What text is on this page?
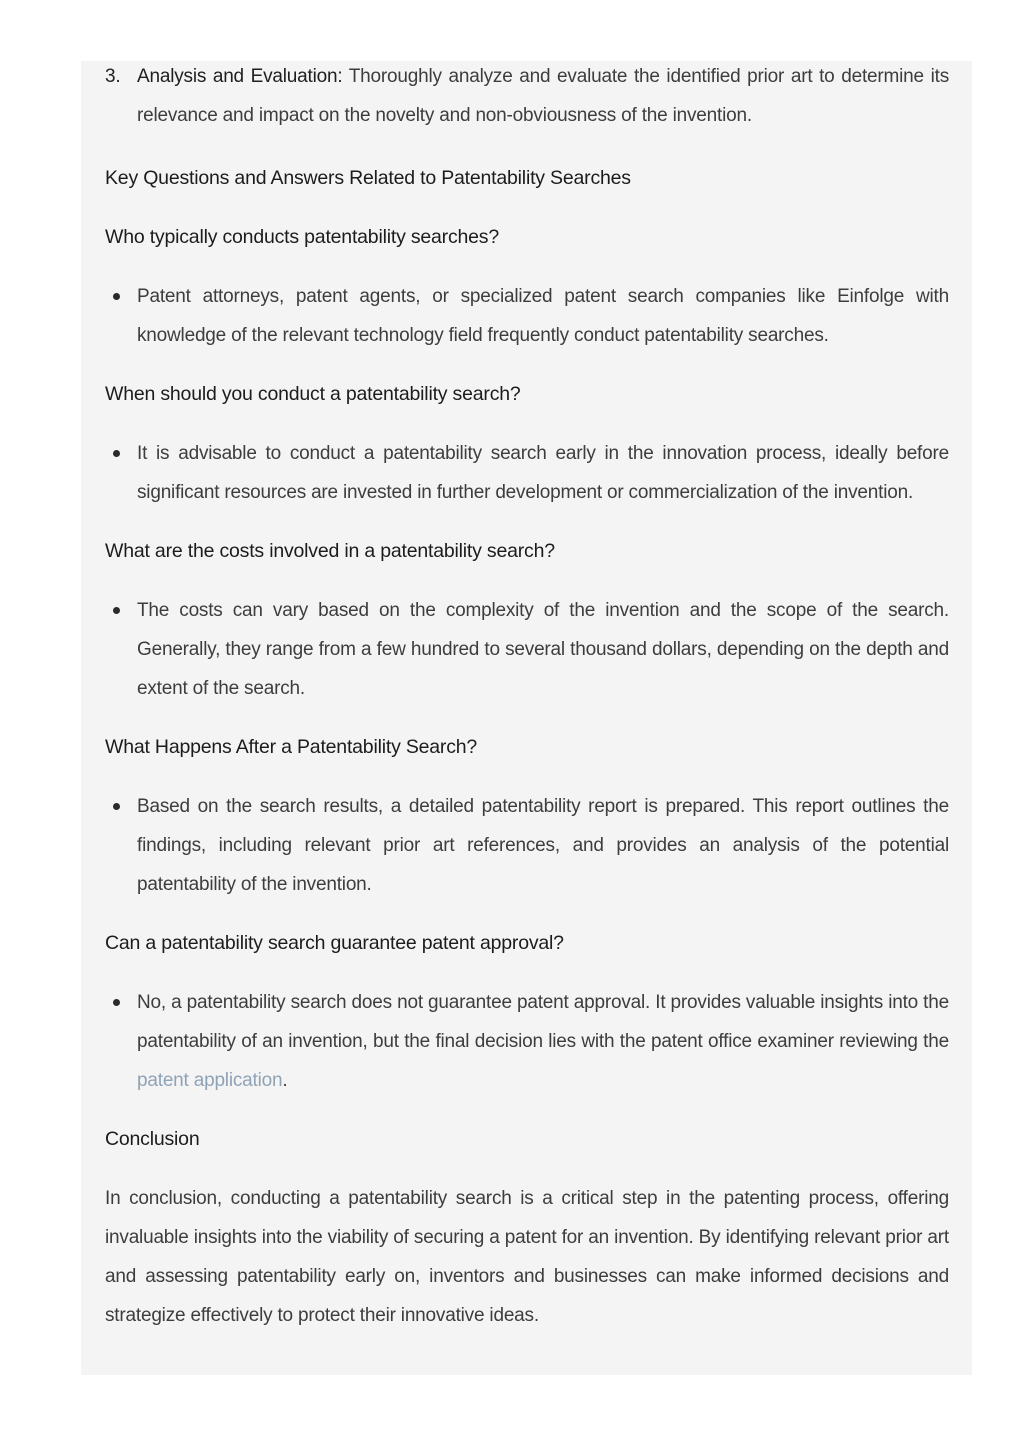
3. Analysis and Evaluation: Thoroughly analyze and evaluate the identified prior art to determine its relevance and impact on the novelty and non-obviousness of the invention.
Key Questions and Answers Related to Patentability Searches
Who typically conducts patentability searches?
Patent attorneys, patent agents, or specialized patent search companies like Einfolge with knowledge of the relevant technology field frequently conduct patentability searches.
When should you conduct a patentability search?
It is advisable to conduct a patentability search early in the innovation process, ideally before significant resources are invested in further development or commercialization of the invention.
What are the costs involved in a patentability search?
The costs can vary based on the complexity of the invention and the scope of the search. Generally, they range from a few hundred to several thousand dollars, depending on the depth and extent of the search.
What Happens After a Patentability Search?
Based on the search results, a detailed patentability report is prepared. This report outlines the findings, including relevant prior art references, and provides an analysis of the potential patentability of the invention.
Can a patentability search guarantee patent approval?
No, a patentability search does not guarantee patent approval. It provides valuable insights into the patentability of an invention, but the final decision lies with the patent office examiner reviewing the patent application.
Conclusion

In conclusion, conducting a patentability search is a critical step in the patenting process, offering invaluable insights into the viability of securing a patent for an invention. By identifying relevant prior art and assessing patentability early on, inventors and businesses can make informed decisions and strategize effectively to protect their innovative ideas.
